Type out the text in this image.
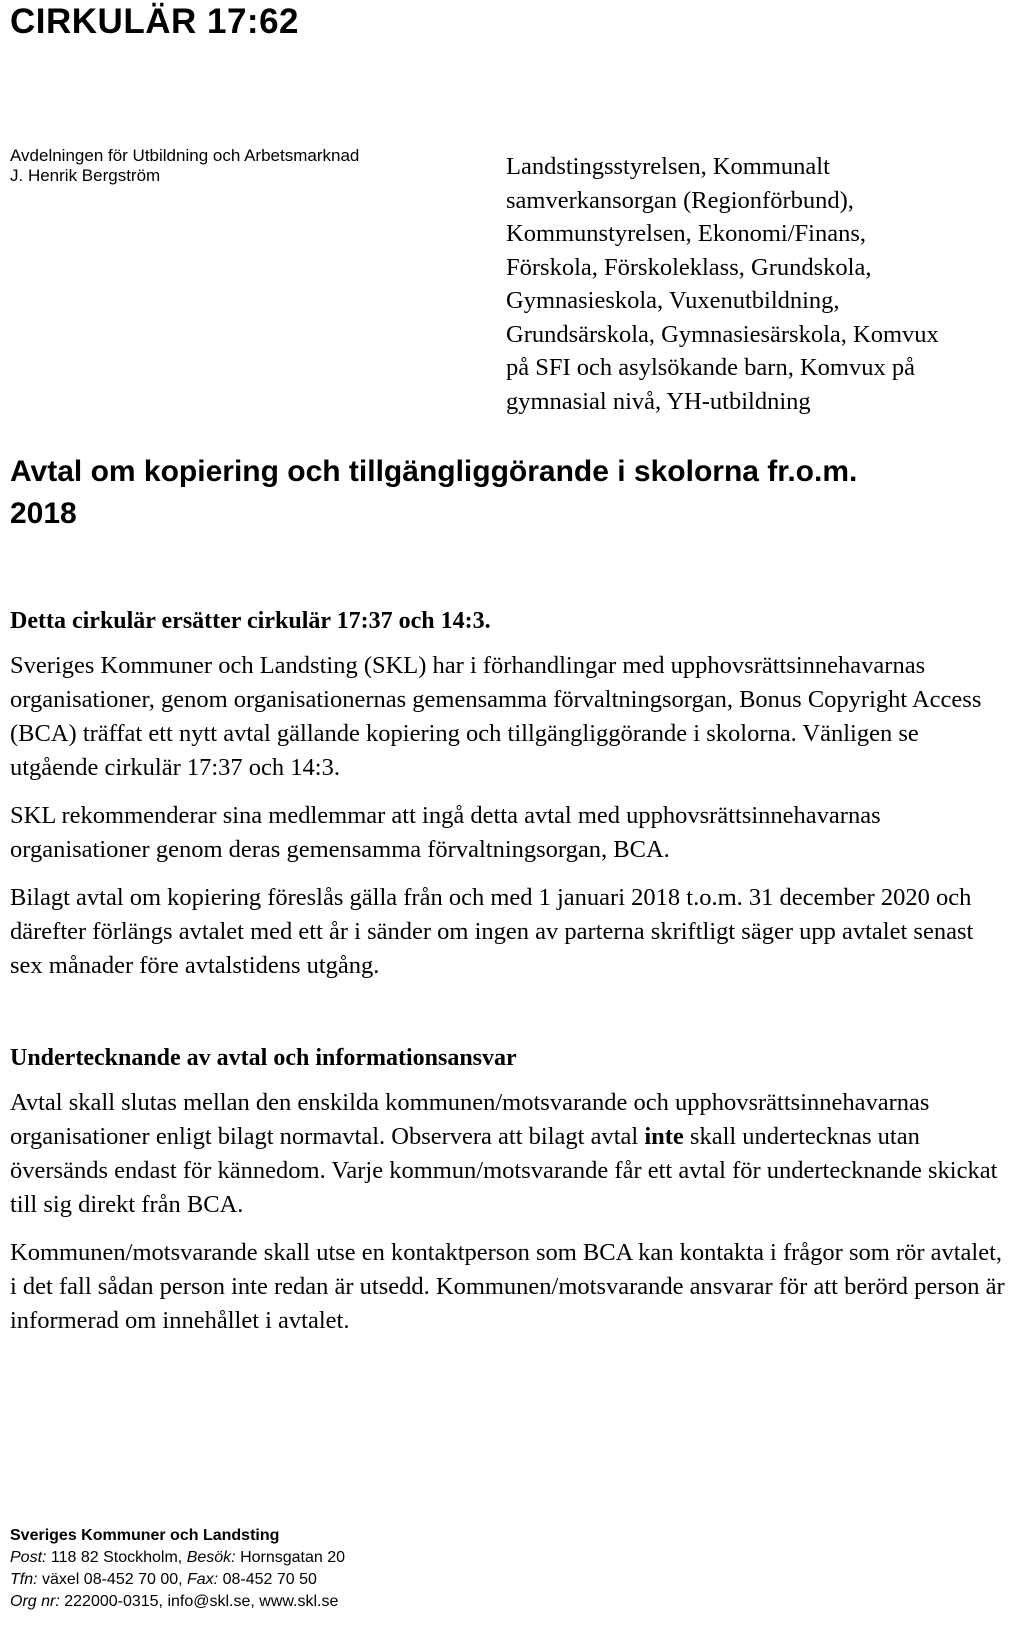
CIRKULÄR 17:62
Avdelningen för Utbildning och Arbetsmarknad
J. Henrik Bergström	Landstingsstyrelsen, Kommunalt
samverkansorgan (Regionförbund),
Kommunstyrelsen, Ekonomi/Finans,
Förskola, Förskoleklass, Grundskola,
Gymnasieskola, Vuxenutbildning,
Grundsärskola, Gymnasiesärskola, Komvux
på SFI och asylsökande barn, Komvux på
gymnasial nivå, YH-utbildning
Avtal om kopiering och tillgängliggörande i skolorna fr.o.m.
2018

Detta cirkulär ersätter cirkulär 17:37 och 14:3.

Sveriges Kommuner och Landsting (SKL) har i förhandlingar med upphovsrättsinnehavarnas organisationer, genom organisationernas gemensamma förvaltningsorgan, Bonus Copyright Access (BCA) träffat ett nytt avtal gällande kopiering och tillgängliggörande i skolorna. Vänligen se utgående cirkulär 17:37 och 14:3.

SKL rekommenderar sina medlemmar att ingå detta avtal med upphovsrättsinnehavarnas organisationer genom deras gemensamma förvaltningsorgan, BCA.

Bilagt avtal om kopiering föreslås gälla från och med 1 januari 2018 t.o.m. 31 december 2020 och därefter förlängs avtalet med ett år i sänder om ingen av parterna skriftligt säger upp avtalet senast sex månader före avtalstidens utgång.

Undertecknande av avtal och informationsansvar

Avtal skall slutas mellan den enskilda kommunen/motsvarande och upphovsrättsinnehavarnas organisationer enligt bilagt normavtal. Observera att bilagt avtal inte skall undertecknas utan översänds endast för kännedom. Varje kommun/motsvarande får ett avtal för undertecknande skickat till sig direkt från BCA.

Kommunen/motsvarande skall utse en kontaktperson som BCA kan kontakta i frågor som rör avtalet, i det fall sådan person inte redan är utsedd. Kommunen/motsvarande ansvarar för att berörd person är informerad om innehållet i avtalet.

Sveriges Kommuner och Landsting
Post: 118 82 Stockholm, Besök: Hornsgatan 20
Tfn: växel 08-452 70 00, Fax: 08-452 70 50
Org nr: 222000-0315, info@skl.se, www.skl.se
